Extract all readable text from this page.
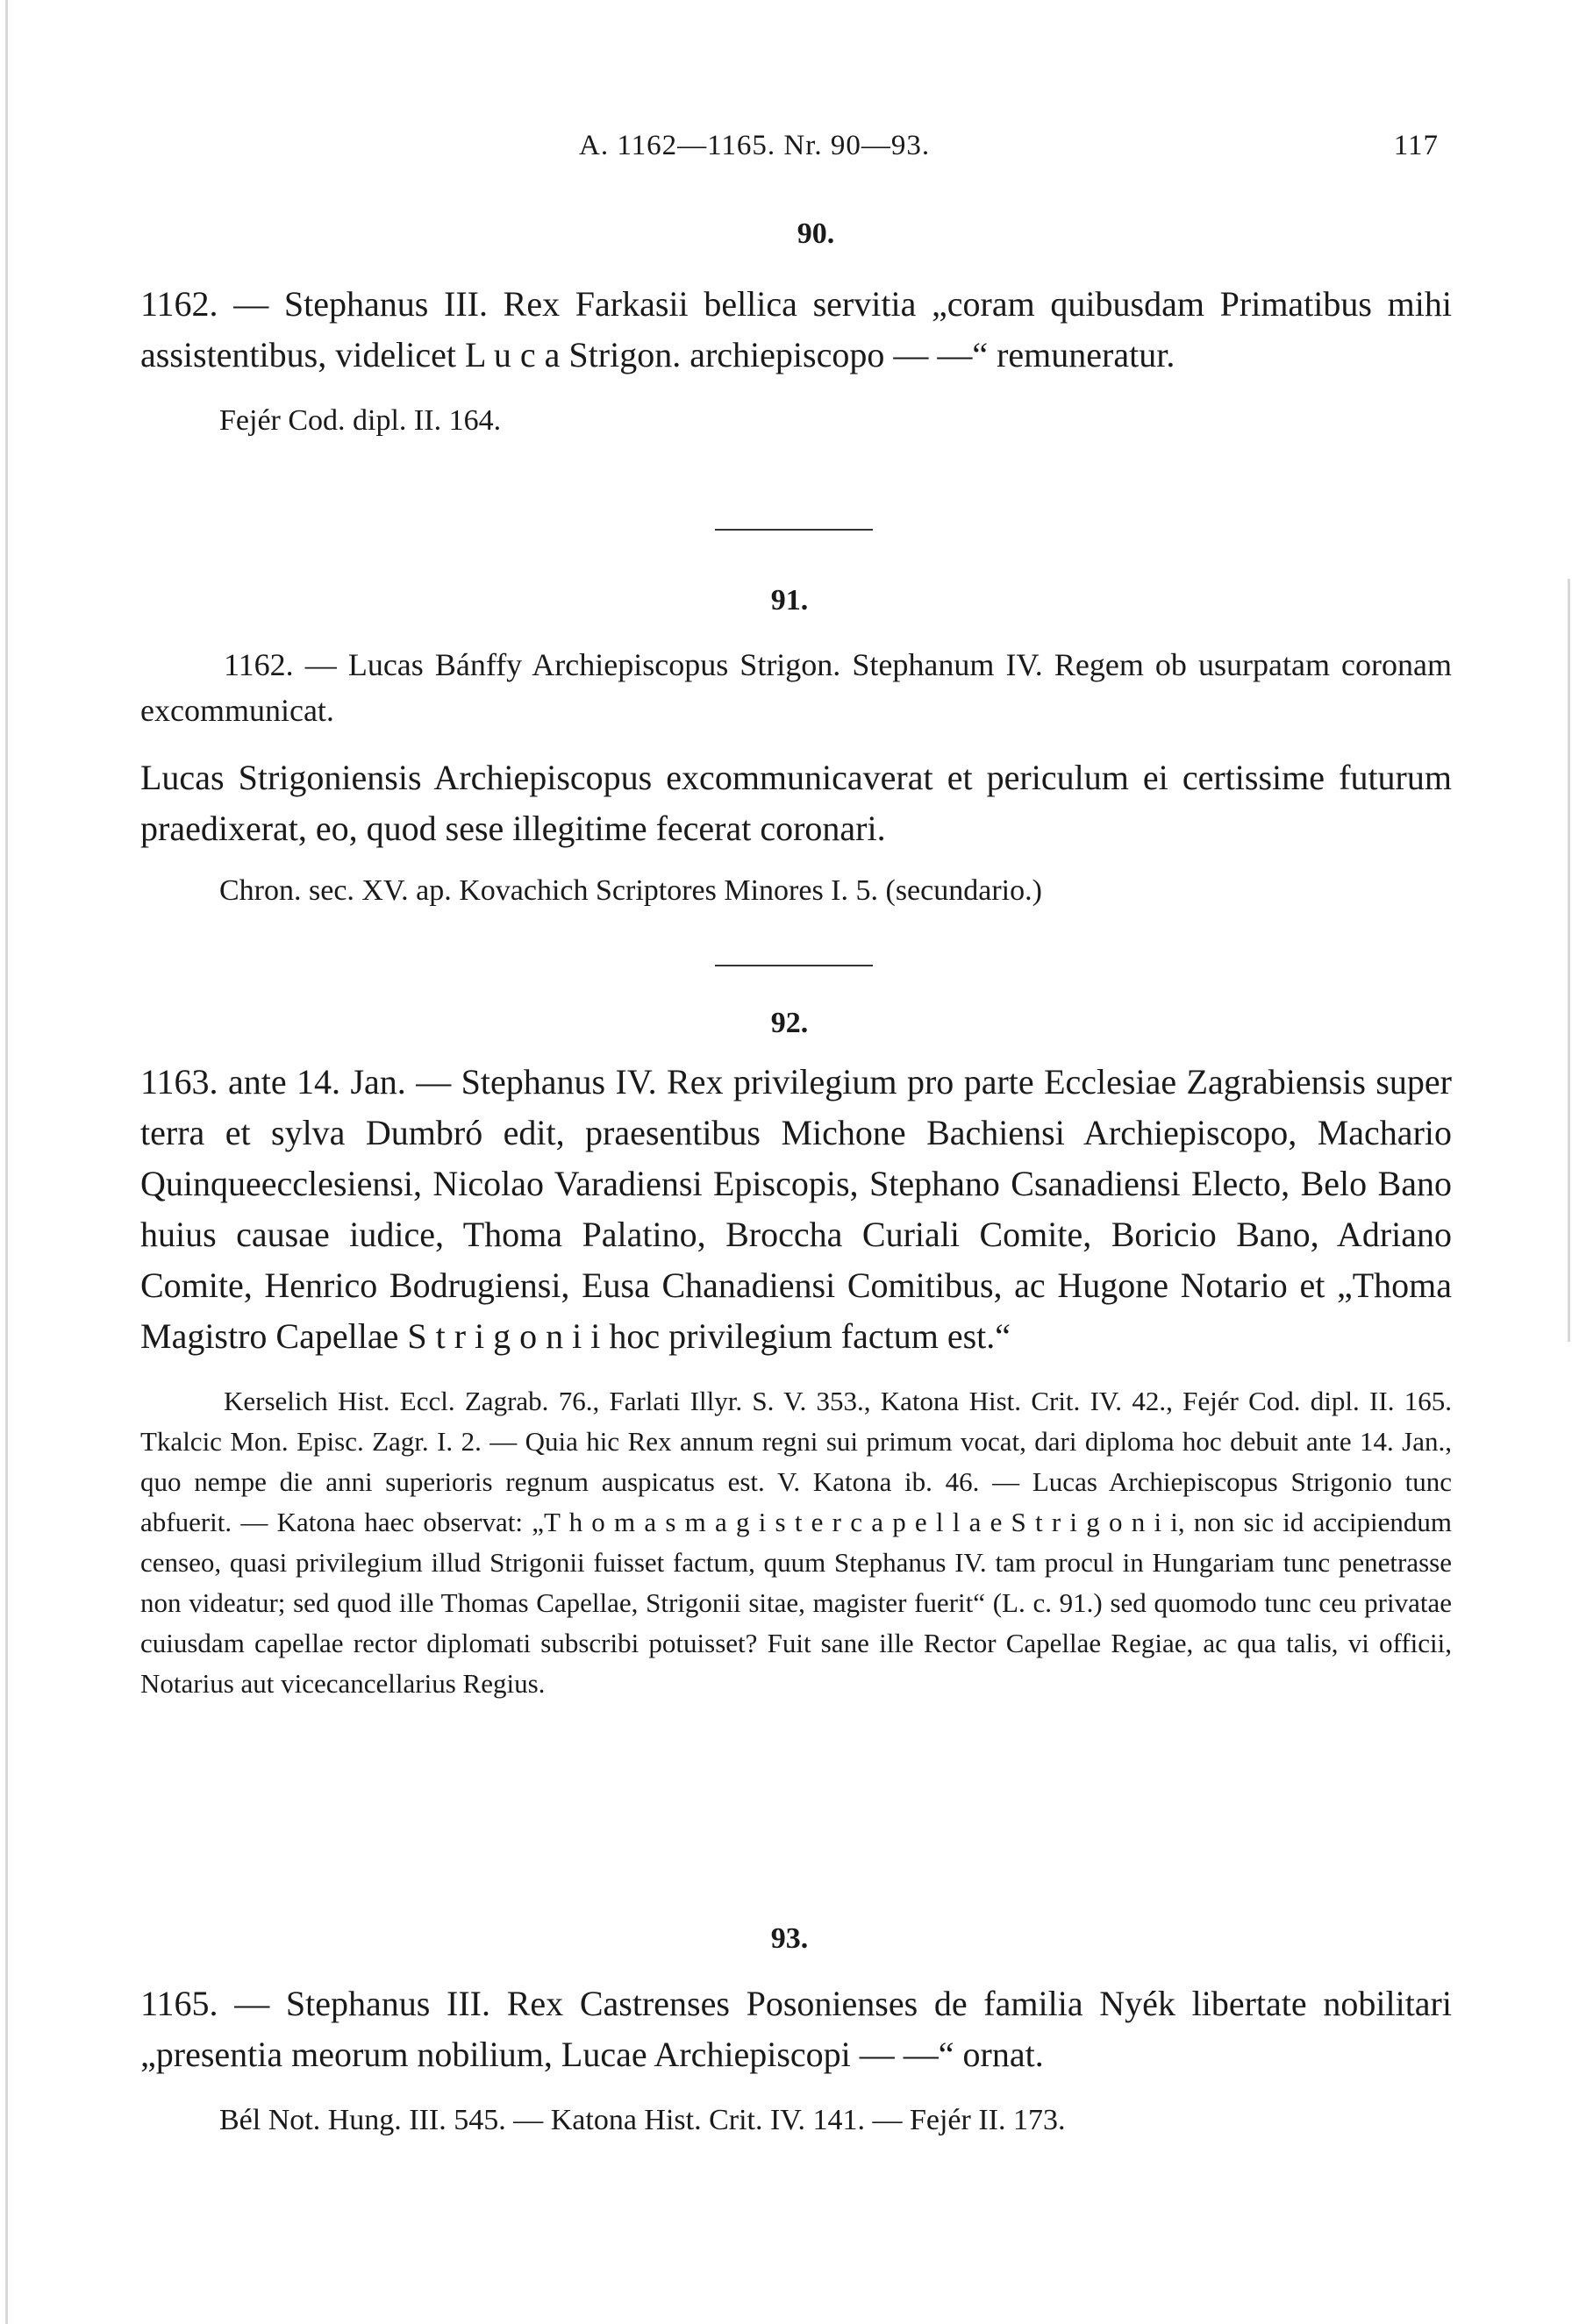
A. 1162—1165. Nr. 90—93.	117
90.

1162. — Stephanus III. Rex Farkasii bellica servitia „coram quibusdam Primatibus mihi assistentibus, videlicet L u c a Strigon. archiepiscopo — —“ remuneratur.

Fejér Cod. dipl. II. 164.

91.

1162. — Lucas Bánffy Archiepiscopus Strigon. Stephanum IV. Regem ob usurpatam coronam excommunicat.

Lucas Strigoniensis Archiepiscopus excommunicaverat et periculum ei certissime futurum praedixerat, eo, quod sese illegitime fecerat coronari.

Chron. sec. XV. ap. Kovachich Scriptores Minores I. 5. (secundario.)

92.

1163. ante 14. Jan. — Stephanus IV. Rex privilegium pro parte Ecclesiae Zagrabiensis super terra et sylva Dumbró edit, praesentibus Michone Bachiensi Archiepiscopo, Machario Quinqueecclesiensi, Nicolao Varadiensi Episcopis, Stephano Csanadiensi Electo, Belo Bano huius causae iudice, Thoma Palatino, Broccha Curiali Comite, Boricio Bano, Adriano Comite, Henrico Bodrugiensi, Eusa Chanadiensi Comitibus, ac Hugone Notario et „Thoma Magistro Capellae S t r i g o n i i hoc privilegium factum est.“

Kerselich Hist. Eccl. Zagrab. 76., Farlati Illyr. S. V. 353., Katona Hist. Crit. IV. 42., Fejér Cod. dipl. II. 165. Tkalcic Mon. Episc. Zagr. I. 2. — Quia hic Rex annum regni sui primum vocat, dari diploma hoc debuit ante 14. Jan., quo nempe die anni superioris regnum auspicatus est. V. Katona ib. 46. — Lucas Archiepiscopus Strigonio tunc abfuerit. — Katona haec observat: „T h o m a s m a g i s t e r c a p e l l a e S t r i g o n i i, non sic id accipiendum censeo, quasi privilegium illud Strigonii fuisset factum, quum Stephanus IV. tam procul in Hungariam tunc penetrasse non videatur; sed quod ille Thomas Capellae, Strigonii sitae, magister fuerit“ (L. c. 91.) sed quomodo tunc ceu privatae cuiusdam capellae rector diplomati subscribi potuisset? Fuit sane ille Rector Capellae Regiae, ac qua talis, vi officii, Notarius aut vicecancellarius Regius.

93.

1165. — Stephanus III. Rex Castrenses Posonienses de familia Nyék libertate nobilitari „presentia meorum nobilium, Lucae Archiepiscopi — —“ ornat.

Bél Not. Hung. III. 545. — Katona Hist. Crit. IV. 141. — Fejér II. 173.
